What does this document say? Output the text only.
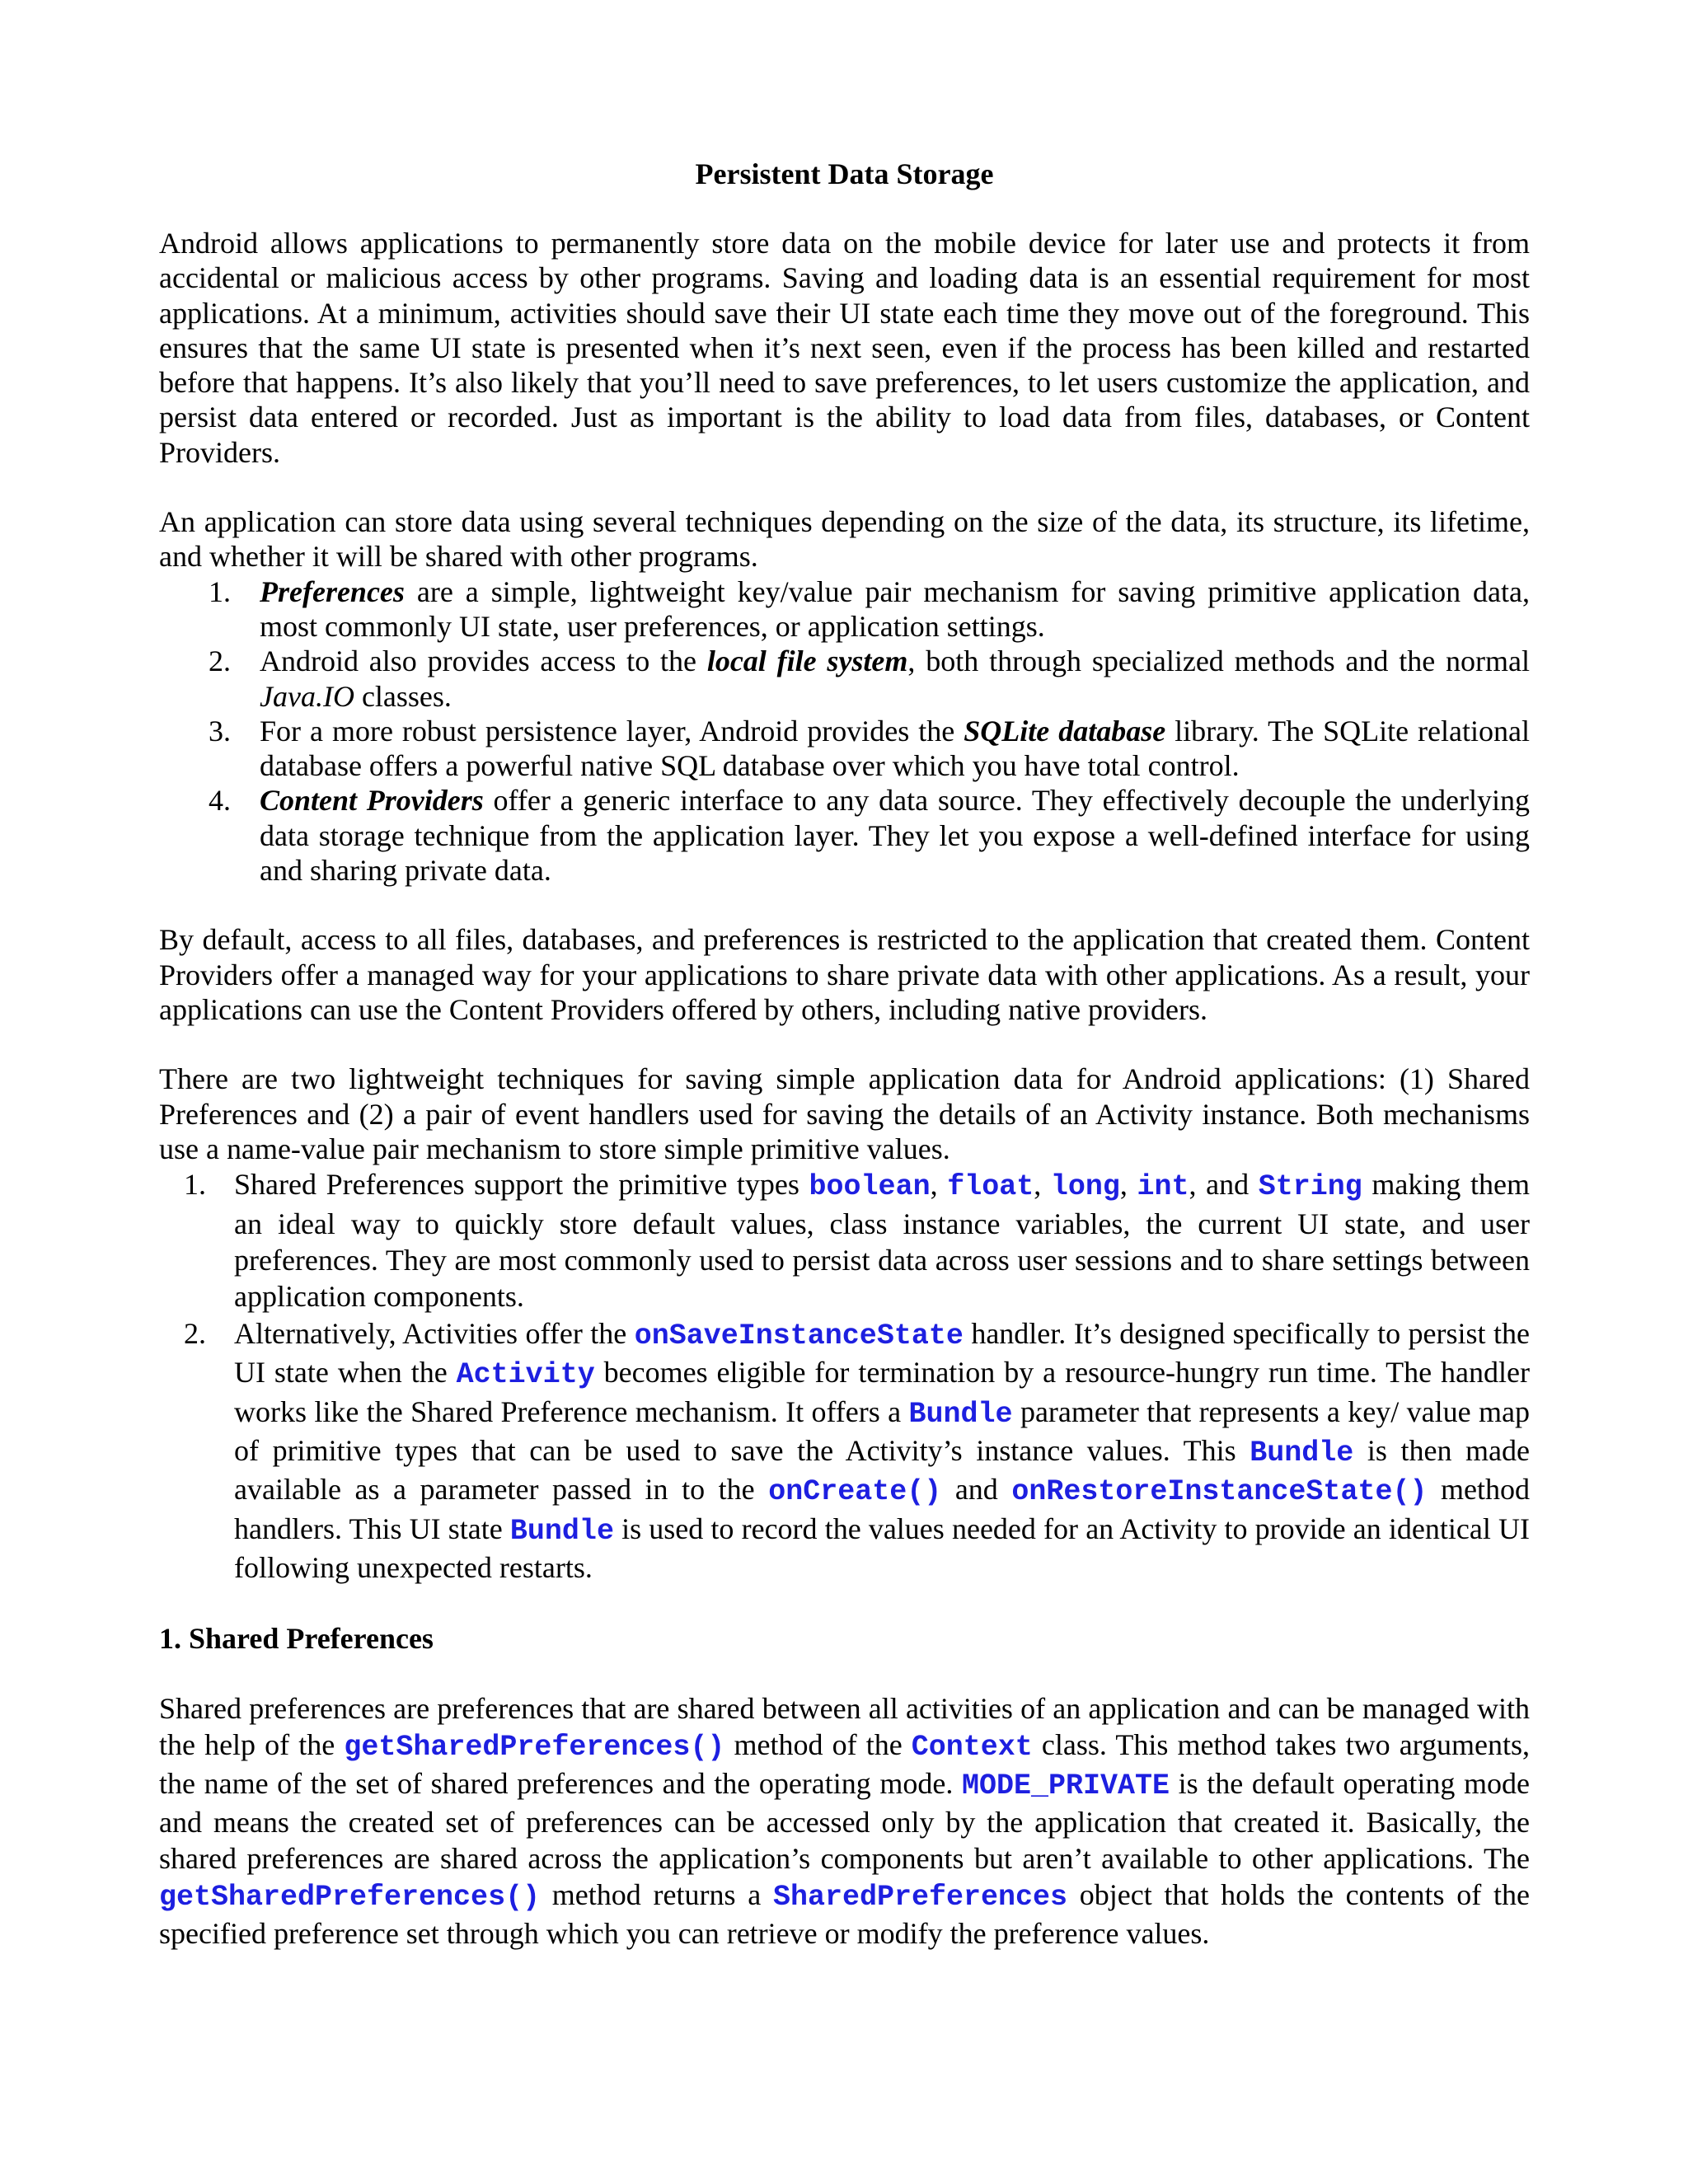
Persistent Data Storage

Android allows applications to permanently store data on the mobile device for later use and protects it from accidental or malicious access by other programs. Saving and loading data is an essential requirement for most applications. At a minimum, activities should save their UI state each time they move out of the foreground. This ensures that the same UI state is presented when it’s next seen, even if the process has been killed and restarted before that happens. It’s also likely that you’ll need to save preferences, to let users customize the application, and persist data entered or recorded. Just as important is the ability to load data from files, databases, or Content Providers.

An application can store data using several techniques depending on the size of the data, its structure, its lifetime, and whether it will be shared with other programs.

1. Preferences are a simple, lightweight key/value pair mechanism for saving primitive application data, most commonly UI state, user preferences, or application settings.
2. Android also provides access to the local file system, both through specialized methods and the normal Java.IO classes.
3. For a more robust persistence layer, Android provides the SQLite database library. The SQLite relational database offers a powerful native SQL database over which you have total control.
4. Content Providers offer a generic interface to any data source. They effectively decouple the underlying data storage technique from the application layer. They let you expose a well-defined interface for using and sharing private data.

By default, access to all files, databases, and preferences is restricted to the application that created them. Content Providers offer a managed way for your applications to share private data with other applications. As a result, your applications can use the Content Providers offered by others, including native providers.

There are two lightweight techniques for saving simple application data for Android applications: (1) Shared Preferences and (2) a pair of event handlers used for saving the details of an Activity instance. Both mechanisms use a name-value pair mechanism to store simple primitive values.

1. Shared Preferences support the primitive types boolean, float, long, int, and String making them an ideal way to quickly store default values, class instance variables, the current UI state, and user preferences. They are most commonly used to persist data across user sessions and to share settings between application components.
2. Alternatively, Activities offer the onSaveInstanceState handler. It’s designed specifically to persist the UI state when the Activity becomes eligible for termination by a resource-hungry run time. The handler works like the Shared Preference mechanism. It offers a Bundle parameter that represents a key/ value map of primitive types that can be used to save the Activity’s instance values. This Bundle is then made available as a parameter passed in to the onCreate() and onRestoreInstanceState() method handlers. This UI state Bundle is used to record the values needed for an Activity to provide an identical UI following unexpected restarts.
1. Shared Preferences

Shared preferences are preferences that are shared between all activities of an application and can be managed with the help of the getSharedPreferences() method of the Context class. This method takes two arguments, the name of the set of shared preferences and the operating mode. MODE_PRIVATE is the default operating mode and means the created set of preferences can be accessed only by the application that created it. Basically, the shared preferences are shared across the application’s components but aren’t available to other applications. The getSharedPreferences() method returns a SharedPreferences object that holds the contents of the specified preference set through which you can retrieve or modify the preference values.
